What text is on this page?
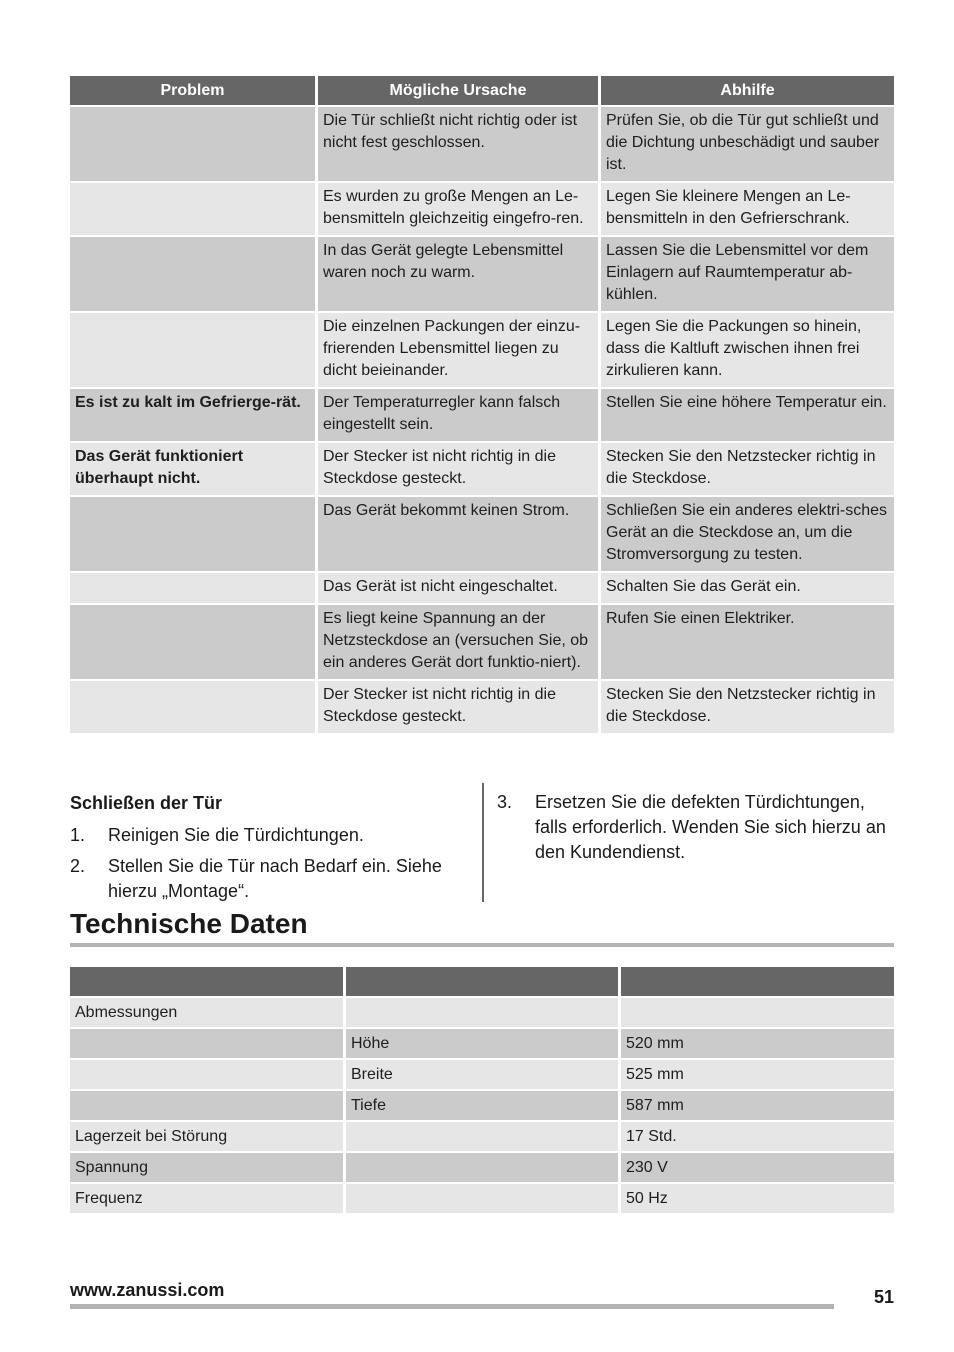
Problem	Mögliche Ursache	Abhilfe
	Die Tür schließt nicht richtig oder ist nicht fest geschlossen.	Prüfen Sie, ob die Tür gut schließt und die Dichtung unbeschädigt und sauber ist.
	Es wurden zu große Mengen an Le-bensmitteln gleichzeitig eingefro-ren.	Legen Sie kleinere Mengen an Le-bensmitteln in den Gefrierschrank.
	In das Gerät gelegte Lebensmittel waren noch zu warm.	Lassen Sie die Lebensmittel vor dem Einlagern auf Raumtemperatur ab-kühlen.
	Die einzelnen Packungen der einzu-frierenden Lebensmittel liegen zu dicht beieinander.	Legen Sie die Packungen so hinein, dass die Kaltluft zwischen ihnen frei zirkulieren kann.
Es ist zu kalt im Gefrierge-rät.	Der Temperaturregler kann falsch eingestellt sein.	Stellen Sie eine höhere Temperatur ein.
Das Gerät funktioniert überhaupt nicht.	Der Stecker ist nicht richtig in die Steckdose gesteckt.	Stecken Sie den Netzstecker richtig in die Steckdose.
	Das Gerät bekommt keinen Strom.	Schließen Sie ein anderes elektri-sches Gerät an die Steckdose an, um die Stromversorgung zu testen.
	Das Gerät ist nicht eingeschaltet.	Schalten Sie das Gerät ein.
	Es liegt keine Spannung an der Netzsteckdose an (versuchen Sie, ob ein anderes Gerät dort funktio-niert).	Rufen Sie einen Elektriker.
	Der Stecker ist nicht richtig in die Steckdose gesteckt.	Stecken Sie den Netzstecker richtig in die Steckdose.
Schließen der Tür
1. Reinigen Sie die Türdichtungen.
2. Stellen Sie die Tür nach Bedarf ein. Siehe hierzu „Montage“.
3. Ersetzen Sie die defekten Türdichtungen, falls erforderlich. Wenden Sie sich hierzu an den Kundendienst.
Technische Daten

Abmessungen		
	Höhe	520 mm
	Breite	525 mm
	Tiefe	587 mm
Lagerzeit bei Störung		17 Std.
Spannung		230 V
Frequenz		50 Hz
www.zanussi.com	51
